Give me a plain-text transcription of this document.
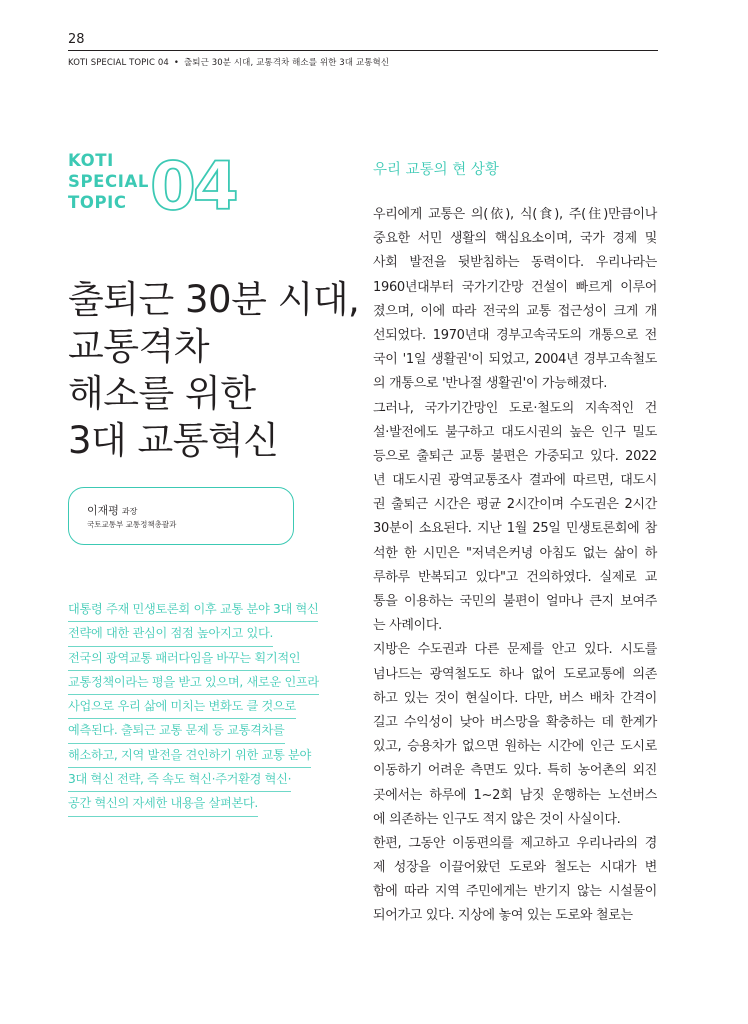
28
KOTI SPECIAL TOPIC 04 • 출퇴근 30분 시대, 교통격차 해소를 위한 3대 교통혁신
KOTI
SPECIAL
TOPIC 04
출퇴근 30분 시대,
교통격차
해소를 위한
3대 교통혁신
이재평 과장
국토교통부 교통정책총괄과
대통령 주재 민생토론회 이후 교통 분야 3대 혁신
전략에 대한 관심이 점점 높아지고 있다.
전국의 광역교통 패러다임을 바꾸는 획기적인
교통정책이라는 평을 받고 있으며, 새로운 인프라
사업으로 우리 삶에 미치는 변화도 클 것으로
예측된다. 출퇴근 교통 문제 등 교통격차를
해소하고, 지역 발전을 견인하기 위한 교통 분야
3대 혁신 전략, 즉 속도 혁신·주거환경 혁신·
공간 혁신의 자세한 내용을 살펴본다.
우리 교통의 현 상황
우리에게 교통은 의(依), 식(食), 주(住)만큼이나
중요한 서민 생활의 핵심요소이며, 국가 경제 및
사회 발전을 뒷받침하는 동력이다. 우리나라는
1960년대부터 국가기간망 건설이 빠르게 이루어
졌으며, 이에 따라 전국의 교통 접근성이 크게 개
선되었다. 1970년대 경부고속국도의 개통으로 전
국이 '1일 생활권'이 되었고, 2004년 경부고속철도
의 개통으로 '반나절 생활권'이 가능해졌다.
그러나, 국가기간망인 도로·철도의 지속적인 건
설·발전에도 불구하고 대도시권의 높은 인구 밀도
등으로 출퇴근 교통 불편은 가중되고 있다. 2022
년 대도시권 광역교통조사 결과에 따르면, 대도시
권 출퇴근 시간은 평균 2시간이며 수도권은 2시간
30분이 소요된다. 지난 1월 25일 민생토론회에 참
석한 한 시민은 "저녁은커녕 아침도 없는 삶이 하
루하루 반복되고 있다"고 건의하였다. 실제로 교
통을 이용하는 국민의 불편이 얼마나 큰지 보여주
는 사례이다.
지방은 수도권과 다른 문제를 안고 있다. 시도를
넘나드는 광역철도도 하나 없어 도로교통에 의존
하고 있는 것이 현실이다. 다만, 버스 배차 간격이
길고 수익성이 낮아 버스망을 확충하는 데 한계가
있고, 승용차가 없으면 원하는 시간에 인근 도시로
이동하기 어려운 측면도 있다. 특히 농어촌의 외진
곳에서는 하루에 1~2회 남짓 운행하는 노선버스
에 의존하는 인구도 적지 않은 것이 사실이다.
한편, 그동안 이동편의를 제고하고 우리나라의 경
제 성장을 이끌어왔던 도로와 철도는 시대가 변
함에 따라 지역 주민에게는 반기지 않는 시설물이
되어가고 있다. 지상에 놓여 있는 도로와 철로는
